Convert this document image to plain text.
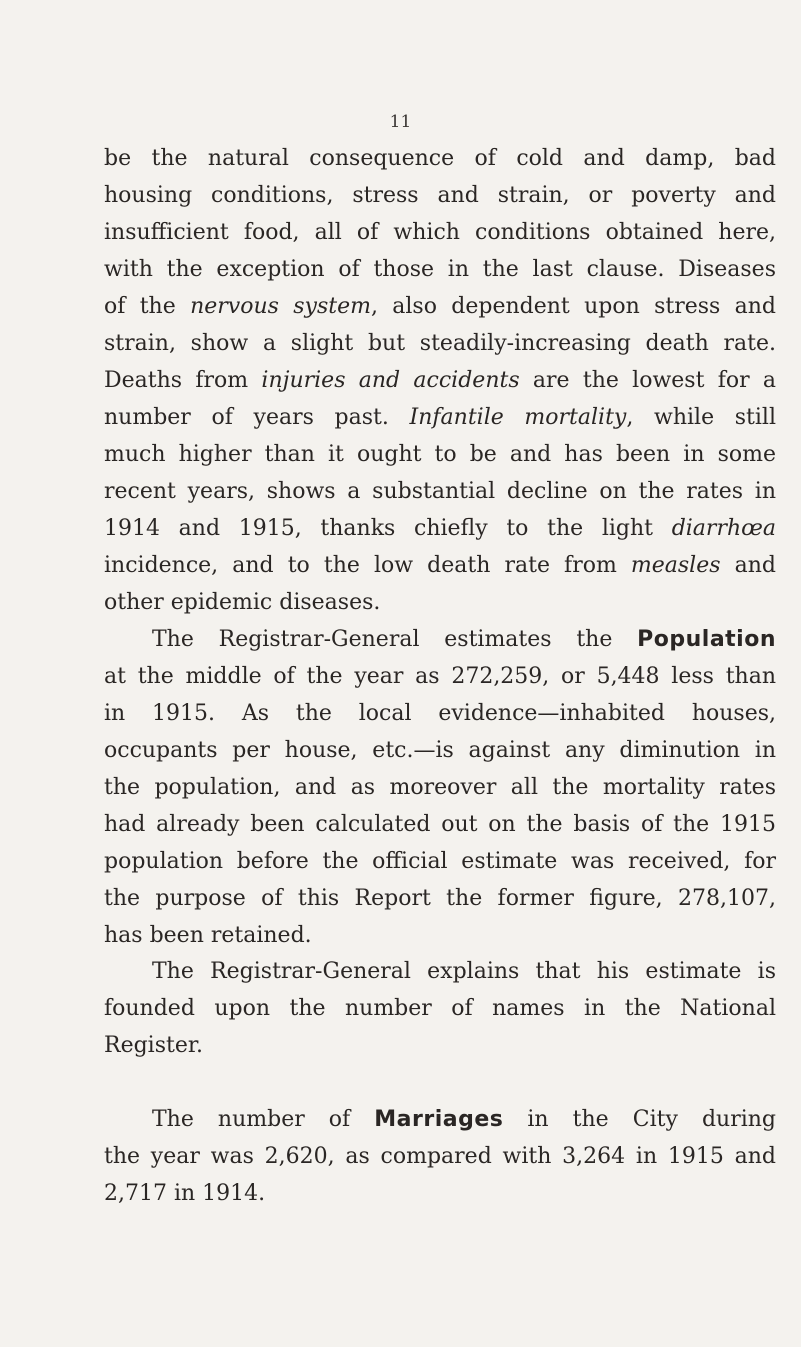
11
be the natural consequence of cold and damp, bad
housing conditions, stress and strain, or poverty and
insufficient food, all of which conditions obtained here,
with the exception of those in the last clause. Diseases
of the nervous system, also dependent upon stress and
strain, show a slight but steadily-increasing death rate.
Deaths from injuries and accidents are the lowest for a
number of years past. Infantile mortality, while still
much higher than it ought to be and has been in some
recent years, shows a substantial decline on the rates in
1914 and 1915, thanks chiefly to the light diarrhœa
incidence, and to the low death rate from measles and
other epidemic diseases.
The Registrar-General estimates the Population
at the middle of the year as 272,259, or 5,448 less than
in 1915. As the local evidence—inhabited houses,
occupants per house, etc.—is against any diminution in
the population, and as moreover all the mortality rates
had already been calculated out on the basis of the 1915
population before the official estimate was received, for
the purpose of this Report the former figure, 278,107,
has been retained.
The Registrar-General explains that his estimate is
founded upon the number of names in the National
Register.
The number of Marriages in the City during
the year was 2,620, as compared with 3,264 in 1915 and
2,717 in 1914.
